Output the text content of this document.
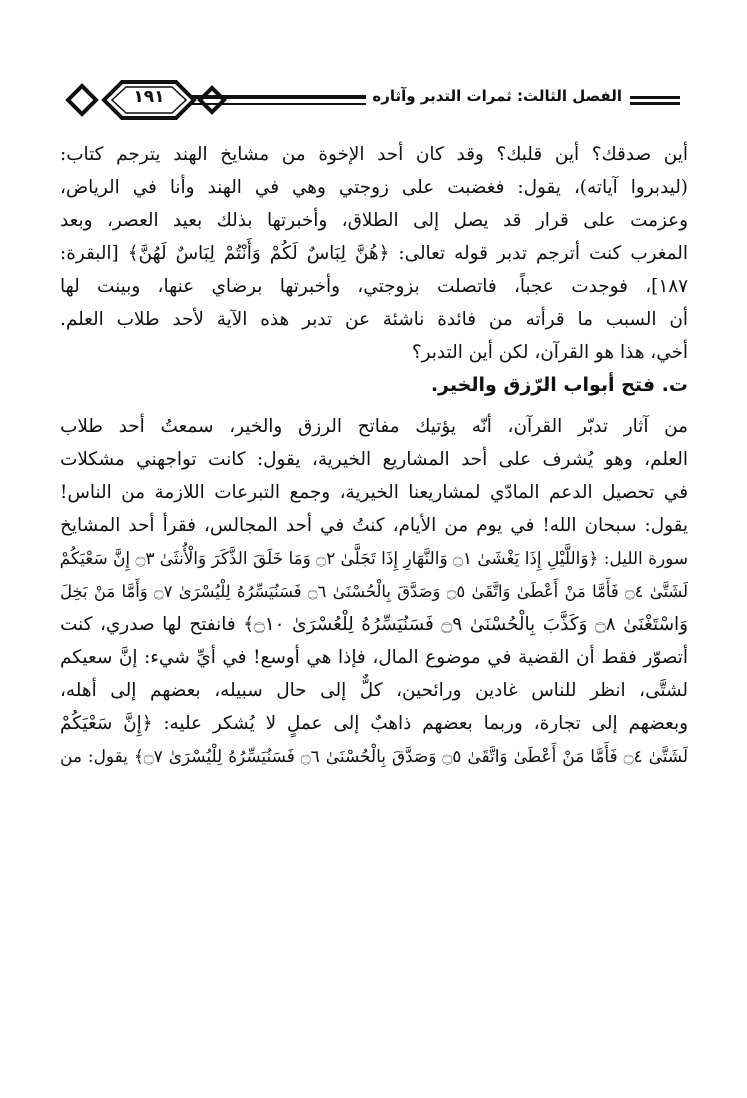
١٩١	الفصل الثالث: ثمرات التدبر وآثاره
أين صدقك؟ أين قلبك؟ وقد كان أحد الإخوة من مشايخ الهند يترجم كتاب:
(ليدبروا آياته)، يقول: فغضبت على زوجتي وهي في الهند وأنا في الرياض،
وعزمت على قرار قد يصل إلى الطلاق، وأخبرتها بذلك بعيد العصر، وبعد
المغرب كنت أترجم تدبر قوله تعالى: ﴿هُنَّ لِبَاسٌ لَكُمْ وَأَنْتُمْ لِبَاسٌ لَهُنَّ﴾ [البقرة:
١٨٧]، فوجدت عجباً، فاتصلت بزوجتي، وأخبرتها برضاي عنها، وبينت لها
أن السبب ما قرأته من فائدة ناشئة عن تدبر هذه الآية لأحد طلاب العلم.
أخي، هذا هو القرآن، لكن أين التدبر؟
ت. فتح أبواب الرّزق والخير.
من آثار تدبّر القرآن، أنّه يؤتيك مفاتح الرزق والخير، سمعتُ أحد طلاب
العلم، وهو يُشرف على أحد المشاريع الخيرية، يقول: كانت تواجهني مشكلات
في تحصيل الدعم المادّي لمشاريعنا الخيرية، وجمع التبرعات اللازمة من الناس!
يقول: سبحان الله! في يوم من الأيام، كنتُ في أحد المجالس، فقرأ أحد المشايخ
سورة الليل: ﴿وَاللَّيْلِ إِذَا يَغْشَىٰ ۝١ وَالنَّهَارِ إِذَا تَجَلَّىٰ ۝٢ وَمَا خَلَقَ الذَّكَرَ وَالْأُنثَىٰ ۝٣ إِنَّ سَعْيَكُمْ
لَشَتَّىٰ ۝٤ فَأَمَّا مَنْ أَعْطَىٰ وَاتَّقَىٰ ۝٥ وَصَدَّقَ بِالْحُسْنَىٰ ۝٦ فَسَنُيَسِّرُهُ لِلْيُسْرَىٰ ۝٧ وَأَمَّا مَنْ بَخِلَ
وَاسْتَغْنَىٰ ۝٨ وَكَذَّبَ بِالْحُسْنَىٰ ۝٩ فَسَنُيَسِّرُهُ لِلْعُسْرَىٰ ۝١٠﴾ فانفتح لها صدري، كنت
أتصوّر فقط أن القضية في موضوع المال، فإذا هي أوسع! في أيِّ شيء: إنَّ سعيكم
لشتَّى، انظر للناس غادين ورائحين، كلٌّ إلى حال سبيله، بعضهم إلى أهله،
وبعضهم إلى تجارة، وربما بعضهم ذاهبٌ إلى عملٍ لا يُشكر عليه: ﴿إِنَّ سَعْيَكُمْ
لَشَتَّىٰ ۝٤ فَأَمَّا مَنْ أَعْطَىٰ وَاتَّقَىٰ ۝٥ وَصَدَّقَ بِالْحُسْنَىٰ ۝٦ فَسَنُيَسِّرُهُ لِلْيُسْرَىٰ ۝٧﴾ يقول: من
